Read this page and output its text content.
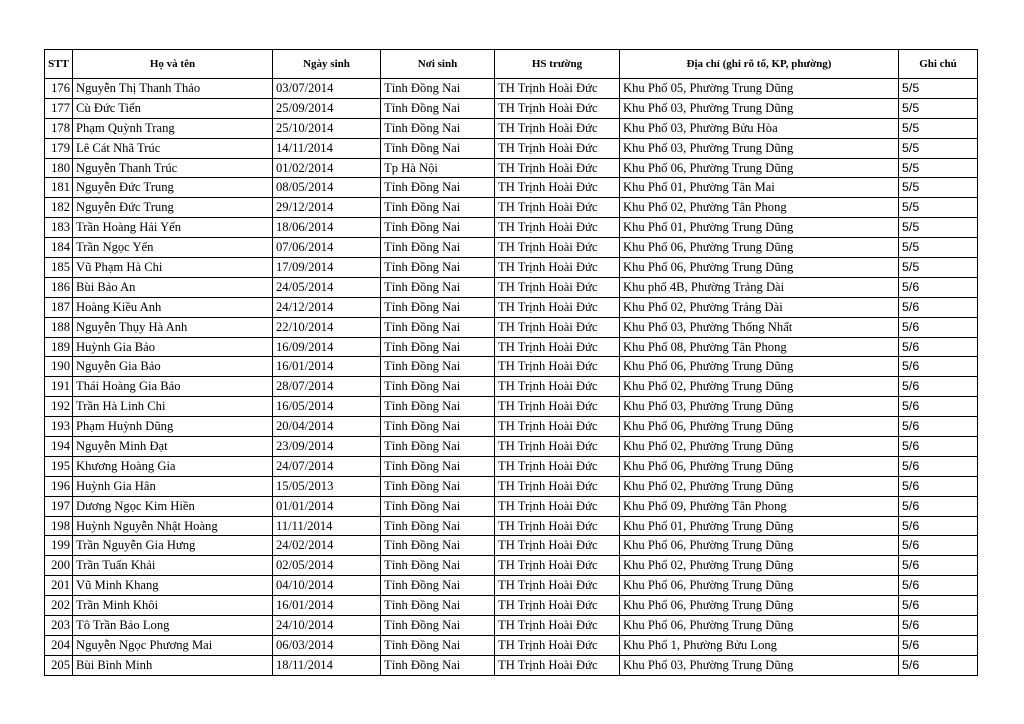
STT	Họ và tên	Ngày sinh	Nơi sinh	HS trường	Địa chỉ (ghi rõ tổ, KP, phường)	Ghi chú
176	Nguyễn Thị Thanh Thảo	03/07/2014	Tỉnh Đồng Nai	TH Trịnh Hoài Đức	Khu Phố 05, Phường Trung Dũng	5/5
177	Cù Đức Tiến	25/09/2014	Tỉnh Đồng Nai	TH Trịnh Hoài Đức	Khu Phố 03, Phường Trung Dũng	5/5
178	Phạm Quỳnh Trang	25/10/2014	Tỉnh Đồng Nai	TH Trịnh Hoài Đức	Khu Phố 03, Phường Bửu Hòa	5/5
179	Lê Cát Nhã Trúc	14/11/2014	Tỉnh Đồng Nai	TH Trịnh Hoài Đức	Khu Phố 03, Phường Trung Dũng	5/5
180	Nguyễn Thanh Trúc	01/02/2014	Tp Hà Nội	TH Trịnh Hoài Đức	Khu Phố 06, Phường Trung Dũng	5/5
181	Nguyễn Đức Trung	08/05/2014	Tỉnh Đồng Nai	TH Trịnh Hoài Đức	Khu Phố 01, Phường Tân Mai	5/5
182	Nguyễn Đức Trung	29/12/2014	Tỉnh Đồng Nai	TH Trịnh Hoài Đức	Khu Phố 02, Phường Tân Phong	5/5
183	Trần Hoàng Hải Yến	18/06/2014	Tỉnh Đồng Nai	TH Trịnh Hoài Đức	Khu Phố 01, Phường Trung Dũng	5/5
184	Trần Ngọc Yến	07/06/2014	Tỉnh Đồng Nai	TH Trịnh Hoài Đức	Khu Phố 06, Phường Trung Dũng	5/5
185	Vũ Phạm Hà Chi	17/09/2014	Tỉnh Đồng Nai	TH Trịnh Hoài Đức	Khu Phố 06, Phường Trung Dũng	5/5
186	Bùi Bảo An	24/05/2014	Tỉnh Đồng Nai	TH Trịnh Hoài Đức	Khu phố 4B, Phường Trảng Dài	5/6
187	Hoàng Kiều Anh	24/12/2014	Tỉnh Đồng Nai	TH Trịnh Hoài Đức	Khu Phố 02, Phường Trảng Dài	5/6
188	Nguyễn Thụy Hà Anh	22/10/2014	Tỉnh Đồng Nai	TH Trịnh Hoài Đức	Khu Phố 03, Phường Thống Nhất	5/6
189	Huỳnh Gia Bảo	16/09/2014	Tỉnh Đồng Nai	TH Trịnh Hoài Đức	Khu Phố 08, Phường Tân Phong	5/6
190	Nguyễn Gia Bảo	16/01/2014	Tỉnh Đồng Nai	TH Trịnh Hoài Đức	Khu Phố 06, Phường Trung Dũng	5/6
191	Thái Hoàng Gia Bảo	28/07/2014	Tỉnh Đồng Nai	TH Trịnh Hoài Đức	Khu Phố 02, Phường Trung Dũng	5/6
192	Trần Hà Linh Chi	16/05/2014	Tỉnh Đồng Nai	TH Trịnh Hoài Đức	Khu Phố 03, Phường Trung Dũng	5/6
193	Phạm Huỳnh Dũng	20/04/2014	Tỉnh Đồng Nai	TH Trịnh Hoài Đức	Khu Phố 06, Phường Trung Dũng	5/6
194	Nguyễn Minh Đạt	23/09/2014	Tỉnh Đồng Nai	TH Trịnh Hoài Đức	Khu Phố 02, Phường Trung Dũng	5/6
195	Khương Hoàng Gia	24/07/2014	Tỉnh Đồng Nai	TH Trịnh Hoài Đức	Khu Phố 06, Phường Trung Dũng	5/6
196	Huỳnh Gia Hân	15/05/2013	Tỉnh Đồng Nai	TH Trịnh Hoài Đức	Khu Phố 02, Phường Trung Dũng	5/6
197	Dương Ngọc Kim Hiền	01/01/2014	Tỉnh Đồng Nai	TH Trịnh Hoài Đức	Khu Phố 09, Phường Tân Phong	5/6
198	Huỳnh Nguyễn Nhật Hoàng	11/11/2014	Tỉnh Đồng Nai	TH Trịnh Hoài Đức	Khu Phố 01, Phường Trung Dũng	5/6
199	Trần Nguyễn Gia Hưng	24/02/2014	Tỉnh Đồng Nai	TH Trịnh Hoài Đức	Khu Phố 06, Phường Trung Dũng	5/6
200	Trần Tuấn Khải	02/05/2014	Tỉnh Đồng Nai	TH Trịnh Hoài Đức	Khu Phố 02, Phường Trung Dũng	5/6
201	Vũ Minh Khang	04/10/2014	Tỉnh Đồng Nai	TH Trịnh Hoài Đức	Khu Phố 06, Phường Trung Dũng	5/6
202	Trần Minh Khôi	16/01/2014	Tỉnh Đồng Nai	TH Trịnh Hoài Đức	Khu Phố 06, Phường Trung Dũng	5/6
203	Tô Trần Bảo Long	24/10/2014	Tỉnh Đồng Nai	TH Trịnh Hoài Đức	Khu Phố 06, Phường Trung Dũng	5/6
204	Nguyễn Ngọc Phương Mai	06/03/2014	Tỉnh Đồng Nai	TH Trịnh Hoài Đức	Khu Phố 1, Phường Bửu Long	5/6
205	Bùi Bình Minh	18/11/2014	Tỉnh Đồng Nai	TH Trịnh Hoài Đức	Khu Phố 03, Phường Trung Dũng	5/6
